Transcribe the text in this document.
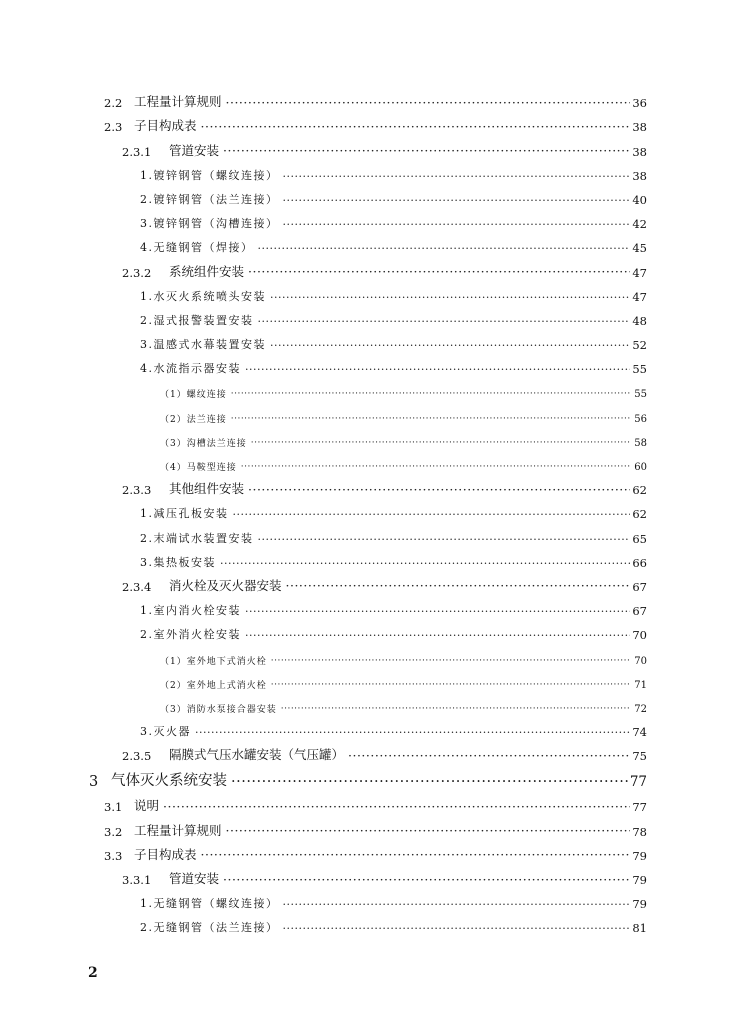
2.2 工程量计算规则 ·····	36
2.3 子目构成表 ·····	38
2.3.1	管道安装 ·····	38
1.镀锌钢管（螺纹连接） ·····	38
2.镀锌钢管（法兰连接） ·····	40
3.镀锌钢管（沟槽连接） ·····	42
4.无缝钢管（焊接） ·····	45
2.3.2	系统组件安装 ·····	47
1.水灭火系统喷头安装 ·····	47
2.湿式报警装置安装 ·····	48
3.温感式水幕装置安装 ·····	52
4.水流指示器安装 ·····	55
（1）螺纹连接 ·····	55
（2）法兰连接 ·····	56
（3）沟槽法兰连接 ·····	58
（4）马鞍型连接 ·····	60
2.3.3	其他组件安装 ·····	62
1.减压孔板安装 ·····	62
2.末端试水装置安装 ·····	65
3.集热板安装 ·····	66
2.3.4	消火栓及灭火器安装 ·····	67
1.室内消火栓安装 ·····	67
2.室外消火栓安装 ·····	70
（1）室外地下式消火栓 ·····	70
（2）室外地上式消火栓 ·····	71
（3）消防水泵接合器安装 ·····	72
3.灭火器 ·····	74
2.3.5	隔膜式气压水罐安装（气压罐） ·····	75
3 气体灭火系统安装 ·····	77
3.1 说明 ·····	77
3.2 工程量计算规则 ·····	78
3.3 子目构成表 ·····	79
3.3.1	管道安装 ·····	79
1.无缝钢管（螺纹连接） ·····	79
2.无缝钢管（法兰连接） ·····	81
2
